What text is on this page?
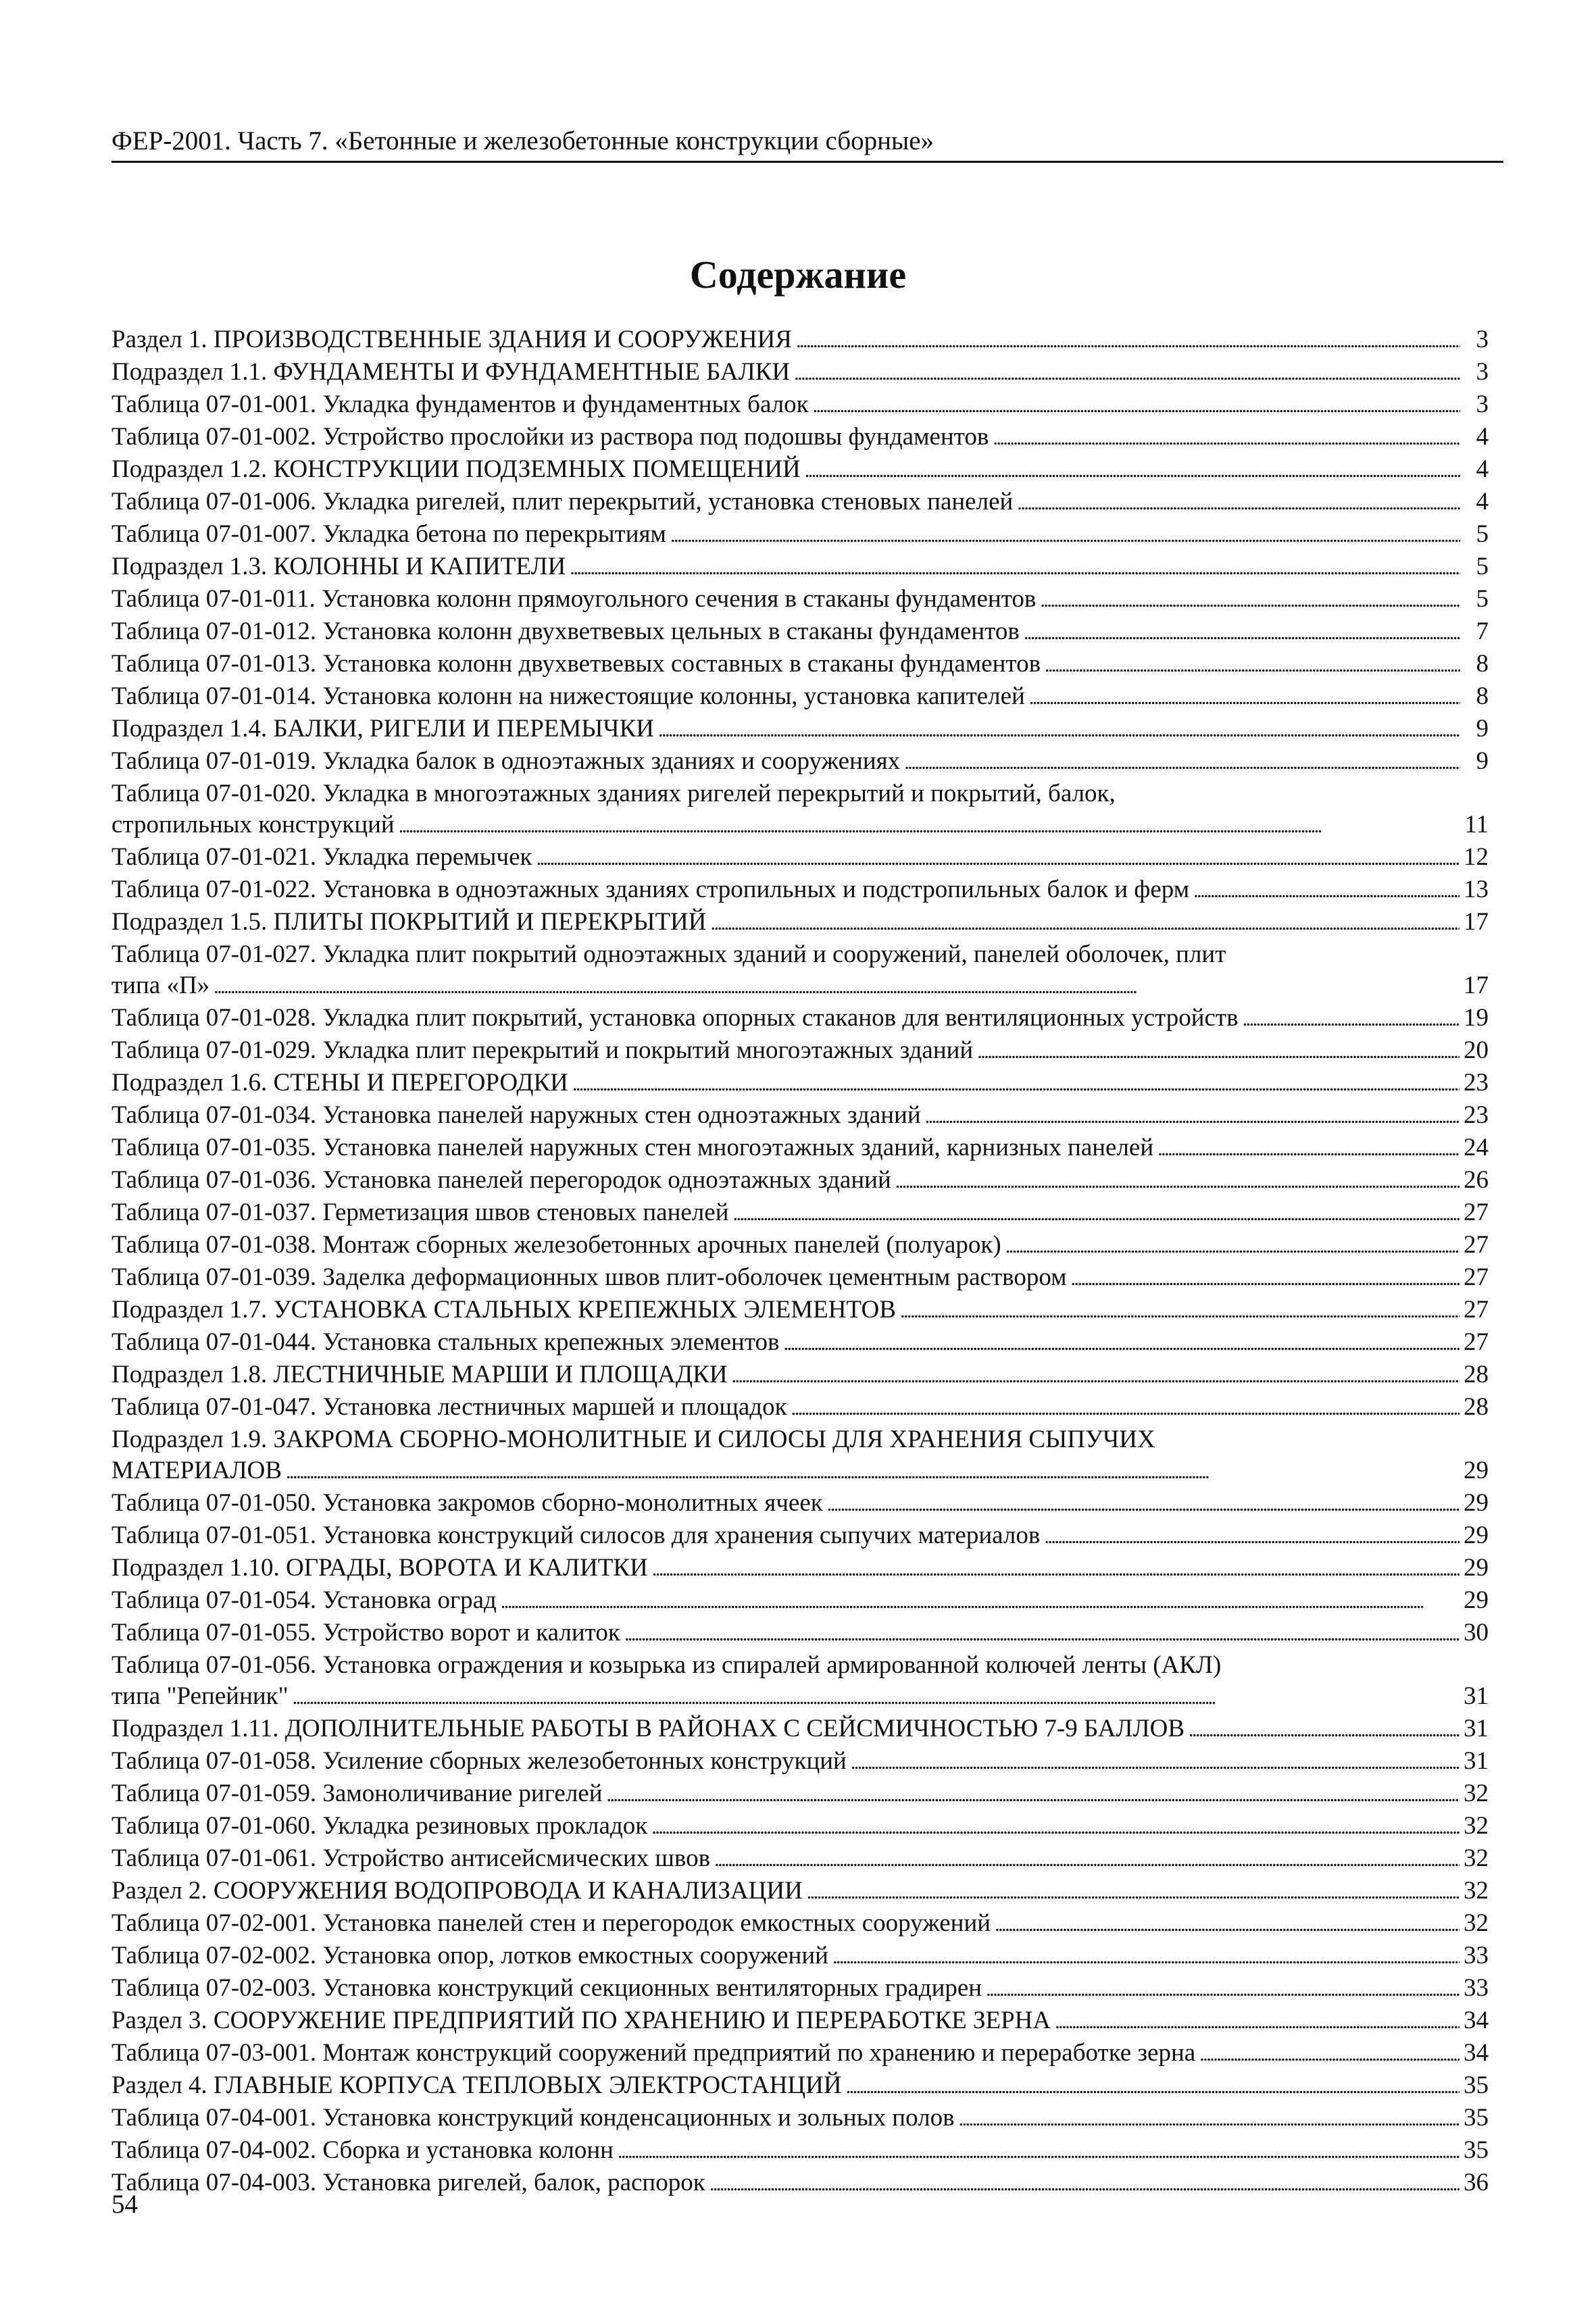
ФЕР-2001. Часть 7. «Бетонные и железобетонные конструкции сборные»
Содержание
Раздел 1. ПРОИЗВОДСТВЕННЫЕ ЗДАНИЯ И СООРУЖЕНИЯ . . .	3
Подраздел 1.1. ФУНДАМЕНТЫ И ФУНДАМЕНТНЫЕ БАЛКИ . . .	3
Таблица 07-01-001. Укладка фундаментов и фундаментных балок . . .	3
Таблица 07-01-002. Устройство прослойки из раствора под подошвы фундаментов . . .	4
Подраздел 1.2. КОНСТРУКЦИИ ПОДЗЕМНЫХ ПОМЕЩЕНИЙ . . .	4
Таблица 07-01-006. Укладка ригелей, плит перекрытий, установка стеновых панелей . . .	4
Таблица 07-01-007. Укладка бетона по перекрытиям . . .	5
Подраздел 1.3. КОЛОННЫ И КАПИТЕЛИ . . .	5
Таблица 07-01-011. Установка колонн прямоугольного сечения в стаканы фундаментов . . .	5
Таблица 07-01-012. Установка колонн двухветвевых цельных в стаканы фундаментов . . .	7
Таблица 07-01-013. Установка колонн двухветвевых составных в стаканы фундаментов . . .	8
Таблица 07-01-014. Установка колонн на нижестоящие колонны, установка капителей . . .	8
Подраздел 1.4. БАЛКИ, РИГЕЛИ И ПЕРЕМЫЧКИ . . .	9
Таблица 07-01-019. Укладка балок в одноэтажных зданиях и сооружениях . . .	9
Таблица 07-01-020. Укладка в многоэтажных зданиях ригелей перекрытий и покрытий, балок,
стропильных конструкций . . .	11
Таблица 07-01-021. Укладка перемычек . . .	12
Таблица 07-01-022. Установка в одноэтажных зданиях стропильных и подстропильных балок и ферм . . .	13
Подраздел 1.5. ПЛИТЫ ПОКРЫТИЙ И ПЕРЕКРЫТИЙ . . .	17
Таблица 07-01-027. Укладка плит покрытий одноэтажных зданий и сооружений, панелей оболочек, плит
типа «П» . . .	17
Таблица 07-01-028. Укладка плит покрытий, установка опорных стаканов для вентиляционных устройств . . .	19
Таблица 07-01-029. Укладка плит перекрытий и покрытий многоэтажных зданий . . .	20
Подраздел 1.6. СТЕНЫ И ПЕРЕГОРОДКИ . . .	23
Таблица 07-01-034. Установка панелей наружных стен одноэтажных зданий . . .	23
Таблица 07-01-035. Установка панелей наружных стен многоэтажных зданий, карнизных панелей . . .	24
Таблица 07-01-036. Установка панелей перегородок одноэтажных зданий . . .	26
Таблица 07-01-037. Герметизация швов стеновых панелей . . .	27
Таблица 07-01-038. Монтаж сборных железобетонных арочных панелей (полуарок) . . .	27
Таблица 07-01-039. Заделка деформационных швов плит-оболочек цементным раствором . . .	27
Подраздел 1.7. УСТАНОВКА СТАЛЬНЫХ КРЕПЕЖНЫХ ЭЛЕМЕНТОВ . . .	27
Таблица 07-01-044. Установка стальных крепежных элементов . . .	27
Подраздел 1.8. ЛЕСТНИЧНЫЕ МАРШИ И ПЛОЩАДКИ . . .	28
Таблица 07-01-047. Установка лестничных маршей и площадок . . .	28
Подраздел 1.9. ЗАКРОМА СБОРНО-МОНОЛИТНЫЕ И СИЛОСЫ ДЛЯ ХРАНЕНИЯ СЫПУЧИХ
МАТЕРИАЛОВ . . .	29
Таблица 07-01-050. Установка закромов сборно-монолитных ячеек . . .	29
Таблица 07-01-051. Установка конструкций силосов для хранения сыпучих материалов . . .	29
Подраздел 1.10. ОГРАДЫ, ВОРОТА И КАЛИТКИ . . .	29
Таблица 07-01-054. Установка оград . . .	29
Таблица 07-01-055. Устройство ворот и калиток . . .	30
Таблица 07-01-056. Установка ограждения и козырька из спиралей армированной колючей ленты (АКЛ)
типа "Репейник" . . .	31
Подраздел 1.11. ДОПОЛНИТЕЛЬНЫЕ РАБОТЫ В РАЙОНАХ С СЕЙСМИЧНОСТЬЮ 7-9 БАЛЛОВ . . .	31
Таблица 07-01-058. Усиление сборных железобетонных конструкций . . .	31
Таблица 07-01-059. Замоноличивание ригелей . . .	32
Таблица 07-01-060. Укладка резиновых прокладок . . .	32
Таблица 07-01-061. Устройство антисейсмических швов . . .	32
Раздел 2. СООРУЖЕНИЯ ВОДОПРОВОДА И КАНАЛИЗАЦИИ . . .	32
Таблица 07-02-001. Установка панелей стен и перегородок емкостных сооружений . . .	32
Таблица 07-02-002. Установка опор, лотков емкостных сооружений . . .	33
Таблица 07-02-003. Установка конструкций секционных вентиляторных градирен . . .	33
Раздел 3. СООРУЖЕНИЕ ПРЕДПРИЯТИЙ ПО ХРАНЕНИЮ И ПЕРЕРАБОТКЕ ЗЕРНА . . .	34
Таблица 07-03-001. Монтаж конструкций сооружений предприятий по хранению и переработке зерна . . .	34
Раздел 4. ГЛАВНЫЕ КОРПУСА ТЕПЛОВЫХ ЭЛЕКТРОСТАНЦИЙ . . .	35
Таблица 07-04-001. Установка конструкций конденсационных и зольных полов . . .	35
Таблица 07-04-002. Сборка и установка колонн . . .	35
Таблица 07-04-003. Установка ригелей, балок, распорок . . .	36
54
